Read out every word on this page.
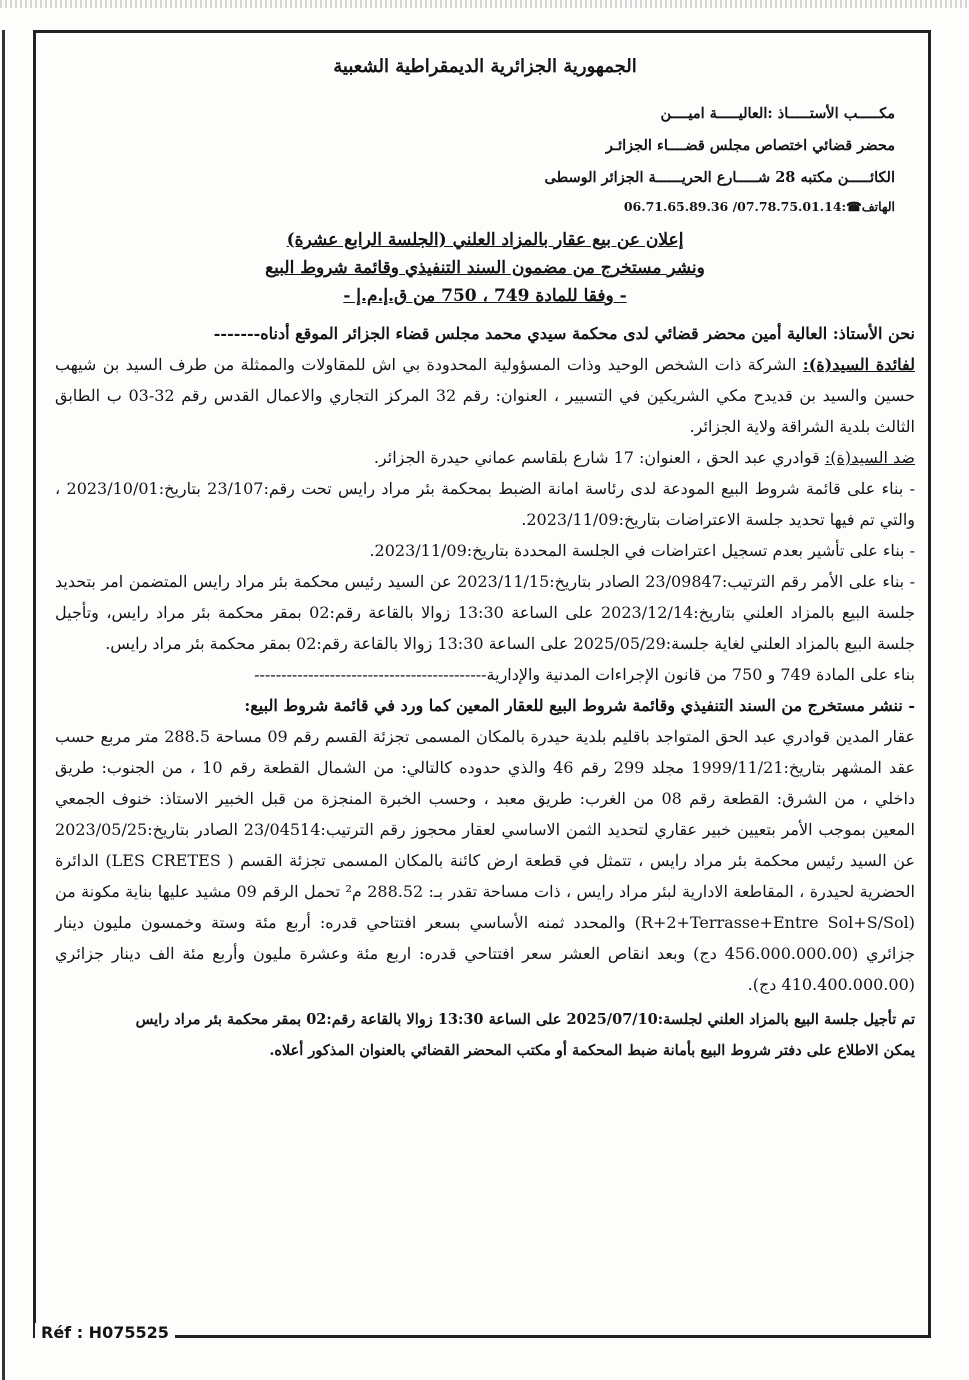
الجمهورية الجزائرية الديمقراطية الشعبية
مكـــــب الأستـــــاذ :العاليـــــة اميــــن
محضر قضائي اختصاص مجلس قضــــاء الجزائـر
الكائـــــن مكتبه 28 شـــــارع الحريــــــة الجزائر الوسطى
الهاتف☎:07.78.75.01.14/ 06.71.65.89.36
إعلان عن بيع عقار بالمزاد العلني (الجلسة الرابع عشرة)
ونشر مستخرج من مضمون السند التنفيذي وقائمة شروط البيع
- وفقا للمادة 749 ، 750 من ق.إ.م.إ -

نحن الأستاذ: العالية أمين محضر قضائي لدى محكمة سيدي محمد مجلس قضاء الجزائر الموقع أدناه-------

لفائدة السيد(ة): الشركة ذات الشخص الوحيد وذات المسؤولية المحدودة بي اش للمقاولات والممثلة من طرف السيد بن شيهب حسين والسيد بن قديدح مكي الشريكين في التسيير ، العنوان: رقم 32 المركز التجاري والاعمال القدس رقم 32-03 ب الطابق الثالث بلدية الشراقة ولاية الجزائر.

ضد السيد(ة): قوادري عبد الحق ، العنوان: 17 شارع بلقاسم عماني حيدرة الجزائر.

- بناء على قائمة شروط البيع المودعة لدى رئاسة امانة الضبط بمحكمة بئر مراد رايس تحت رقم:23/107 بتاريخ:2023/10/01 ، والتي تم فيها تحديد جلسة الاعتراضات بتاريخ:2023/11/09.

- بناء على تأشير بعدم تسجيل اعتراضات في الجلسة المحددة بتاريخ:2023/11/09.

- بناء على الأمر رقم الترتيب:23/09847 الصادر بتاريخ:2023/11/15 عن السيد رئيس محكمة بئر مراد رايس المتضمن امر بتحديد جلسة البيع بالمزاد العلني بتاريخ:2023/12/14 على الساعة 13:30 زوالا بالقاعة رقم:02 بمقر محكمة بئر مراد رايس، وتأجيل جلسة البيع بالمزاد العلني لغاية جلسة:2025/05/29 على الساعة 13:30 زوالا بالقاعة رقم:02 بمقر محكمة بئر مراد رايس.

بناء على المادة 749 و 750 من قانون الإجراءات المدنية والإدارية-------------------------------------------

- ننشر مستخرج من السند التنفيذي وقائمة شروط البيع للعقار المعين كما ورد في قائمة شروط البيع:

عقار المدين قوادري عبد الحق المتواجد باقليم بلدية حيدرة بالمكان المسمى تجزئة القسم رقم 09 مساحة 288.5 متر مربع حسب عقد المشهر بتاريخ:1999/11/21 مجلد 299 رقم 46 والذي حدوده كالتالي: من الشمال القطعة رقم 10 ، من الجنوب: طريق داخلي ، من الشرق: القطعة رقم 08 من الغرب: طريق معبد ، وحسب الخبرة المنجزة من قبل الخبير الاستاذ: خنوف الجمعي المعين بموجب الأمر بتعيين خبير عقاري لتحديد الثمن الاساسي لعقار محجوز رقم الترتيب:23/04514 الصادر بتاريخ:2023/05/25 عن السيد رئيس محكمة بئر مراد رايس ، تتمثل في قطعة ارض كائنة بالمكان المسمى تجزئة القسم ( LES CRETES) الدائرة الحضرية لحيدرة ، المقاطعة الادارية لبئر مراد رايس ، ذات مساحة تقدر بـ: 288.52 م² تحمل الرقم 09 مشيد عليها بناية مكونة من (R+2+Terrasse+Entre Sol+S/Sol) والمحدد ثمنه الأساسي بسعر افتتاحي قدره: أربع مئة وستة وخمسون مليون دينار جزائري (456.000.000.00 دج) وبعد انقاص العشر سعر افتتاحي قدره: اربع مئة وعشرة مليون وأربع مئة الف دينار جزائري (410.400.000.00 دج).

تم تأجيل جلسة البيع بالمزاد العلني لجلسة:2025/07/10 على الساعة 13:30 زوالا بالقاعة رقم:02 بمقر محكمة بئر مراد رايس

يمكن الاطلاع على دفتر شروط البيع بأمانة ضبط المحكمة أو مكتب المحضر القضائي بالعنوان المذكور أعلاه.

Réf : H075525
